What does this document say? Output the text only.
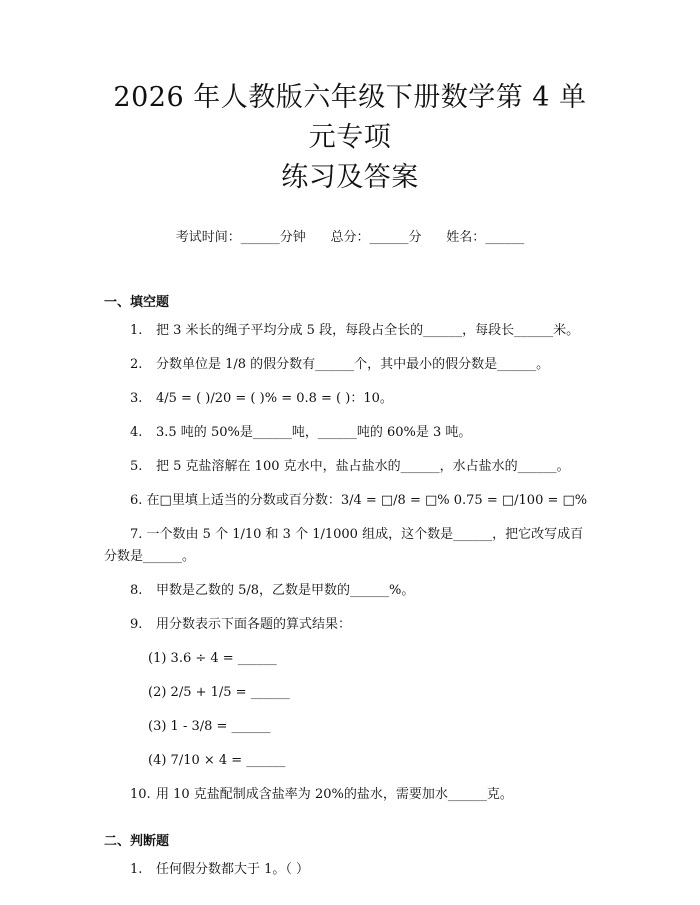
2026 年人教版六年级下册数学第 4 单元专项
练习及答案
考试时间：______分钟      总分：______分      姓名：______
一、填空题
1.	把 3 米长的绳子平均分成 5 段，每段占全长的______，每段长______米。
2.	分数单位是 1/8 的假分数有______个，其中最小的假分数是______。
3.	4/5 = ( )/20 = ( )% = 0.8 = ( )：10。
4.	3.5 吨的 50%是______吨，______吨的 60%是 3 吨。
5.	把 5 克盐溶解在 100 克水中，盐占盐水的______，水占盐水的______。
6. 在□里填上适当的分数或百分数：3/4 = □/8 = □% 0.75 = □/100 = □%
7. 一个数由 5 个 1/10 和 3 个 1/1000 组成，这个数是______，把它改写成百分数是______。
8.	甲数是乙数的 5/8，乙数是甲数的______%。
9.	用分数表示下面各题的算式结果：
(1) 3.6 ÷ 4 = ______
(2) 2/5 + 1/5 = ______
(3) 1 - 3/8 = ______
(4) 7/10 × 4 = ______
10. 用 10 克盐配制成含盐率为 20%的盐水，需要加水______克。
二、判断题
1.	任何假分数都大于 1。（ ）
